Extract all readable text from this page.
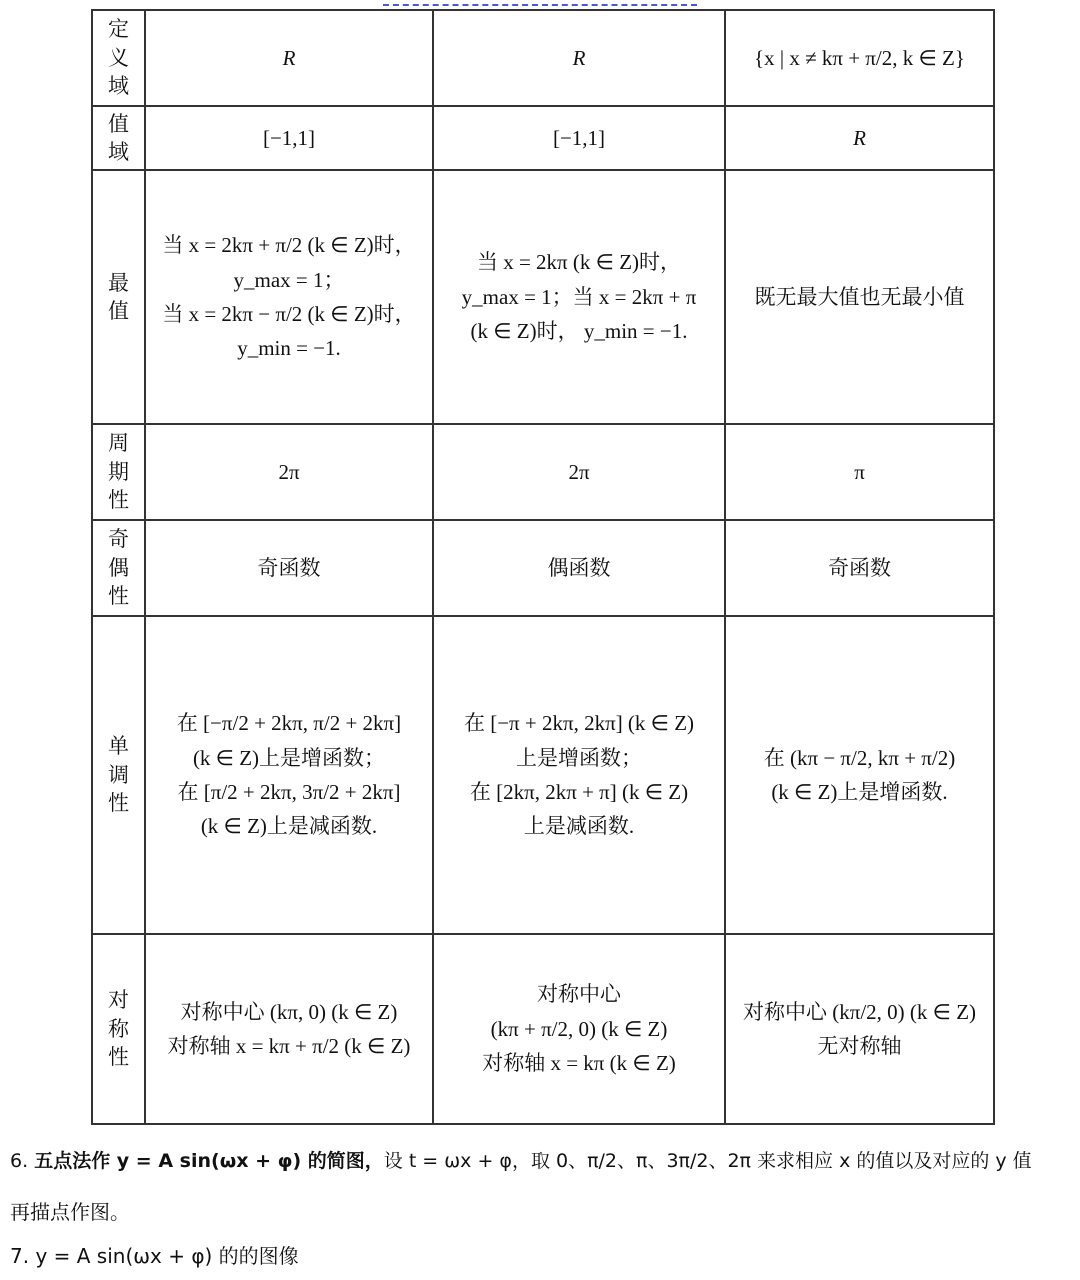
定义域	R	R	{x | x ≠ kπ + π/2, k ∈ Z}

值域	[−1,1]	[−1,1]	R

最值	当 x = 2kπ + π/2 (k ∈ Z)时，
y_max = 1；
当 x = 2kπ − π/2 (k ∈ Z)时，
y_min = −1.	当 x = 2kπ (k ∈ Z)时，
y_max = 1；当 x = 2kπ + π
(k ∈ Z)时， y_min = −1.	既无最大值也无最小值

周期性	2π	2π	π

奇偶性	奇函数	偶函数	奇函数

单调性	在 [−π/2 + 2kπ, π/2 + 2kπ]
(k ∈ Z)上是增函数；
在 [π/2 + 2kπ, 3π/2 + 2kπ]
(k ∈ Z)上是减函数.	在 [−π + 2kπ, 2kπ] (k ∈ Z)
上是增函数；
在 [2kπ, 2kπ + π] (k ∈ Z)
上是减函数.	在 (kπ − π/2, kπ + π/2)
(k ∈ Z)上是增函数.

对称性	对称中心 (kπ, 0) (k ∈ Z)
对称轴 x = kπ + π/2 (k ∈ Z)	对称中心
(kπ + π/2, 0) (k ∈ Z)
对称轴 x = kπ (k ∈ Z)	对称中心 (kπ/2, 0) (k ∈ Z)
无对称轴
6. 五点法作 y = A sin(ωx + φ) 的简图，设 t = ωx + φ，取 0、π/2、π、3π/2、2π 来求相应 x 的值以及对应的 y 值
再描点作图。
7. y = A sin(ωx + φ) 的的图像
